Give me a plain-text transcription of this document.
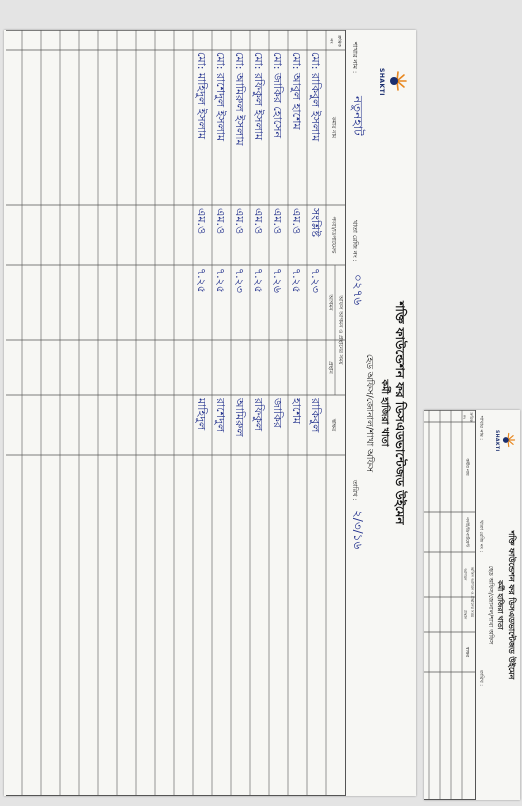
SHAKTI
শক্তি ফাউন্ডেশন ফর ডিসএডভান্টেজড উইমেন
কর্মী হাজিরা খাতা
হেড অফিস/জোনাল/শাখা অফিস
শাখার নাম :
নতুনহাট
খাতা রেজি নং :
০২৭৬
তারিখ :
২/৩/১৬
ক্রমিক নং
কর্মীর নাম
পদবী/ডিপার্টমেন্ট
অফিস আগমন ও প্রস্থানের সময়
আগমন
প্রস্থান
স্বাক্ষর
মো: রাকিবুল ইসলাম
সংশ্লিষ্ট
৭.২৩
রাকিবুল
মো: আবুল হাশেম
এম.ও
৭.২৫
হাশেম
মো: জাকির হোসেন
এম.ও
৭.২৬
জাকির
মো: রফিকুল ইসলাম
এম.ও
৭.২৫
রফিকুল
মো: আমিরুল ইসলাম
এম.ও
৭.২৩
আমিরুল
মো: রাশেদুল ইসলাম
এম.ও
৭.২৫
রাশেদুল
মো: মাহিদুল ইসলাম
এম.ও
৭.২৫
মাহিদুল
SHAKTI
শক্তি ফাউন্ডেশন ফর ডিসএডভান্টেজড উইমেন
কর্মী হাজিরা খাতা
হেড অফিস/জোনাল/শাখা অফিস
শাখার নাম :
খাতা রেজি নং :
তারিখ :
ক্রমিক নং
কর্মীর নাম
পদবী/ডিপার্টমেন্ট
অফিস আগমন ও প্রস্থানের সময়
আগমন
প্রস্থান
স্বাক্ষর
